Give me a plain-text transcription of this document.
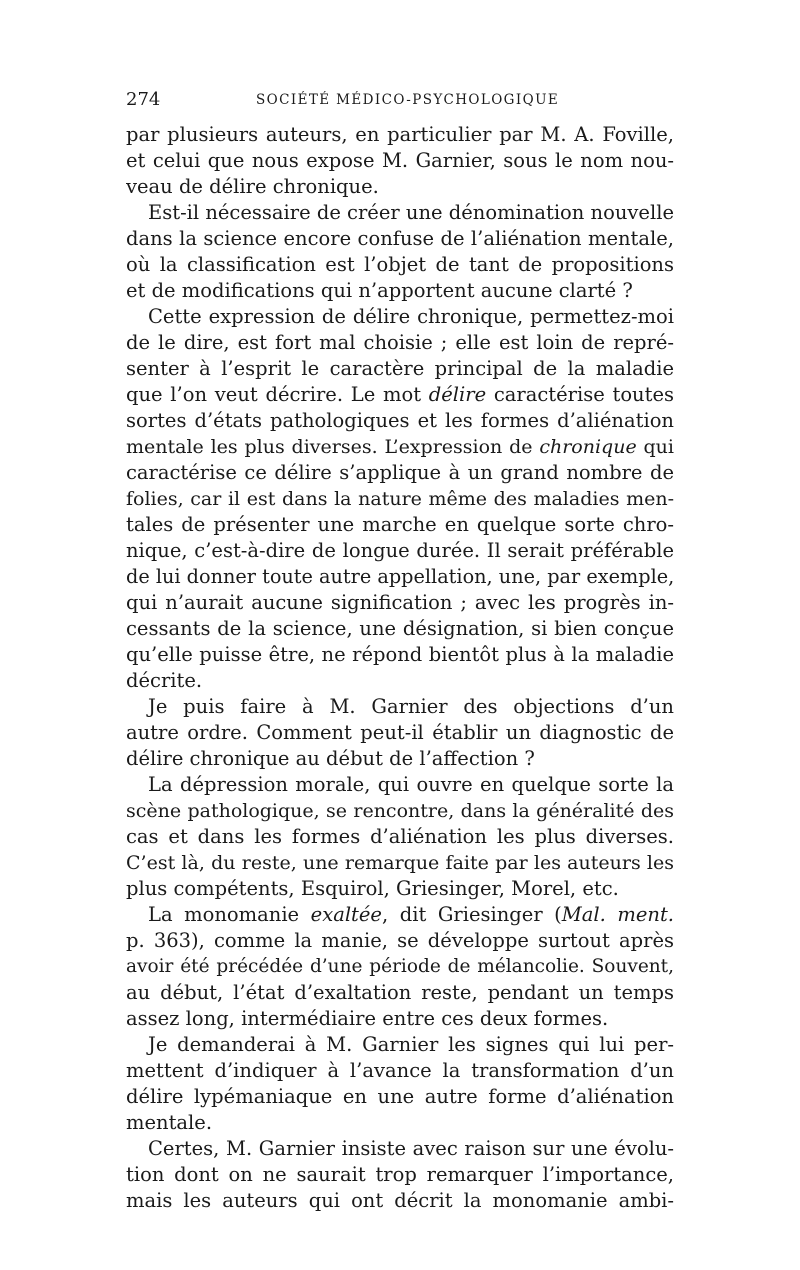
274	SOCIÉTÉ MÉDICO-PSYCHOLOGIQUE
par plusieurs auteurs, en particulier par M. A. Foville,
et celui que nous expose M. Garnier, sous le nom nou-
veau de délire chronique.
Est-il nécessaire de créer une dénomination nouvelle
dans la science encore confuse de l’aliénation mentale,
où la classification est l’objet de tant de propositions
et de modifications qui n’apportent aucune clarté ?
Cette expression de délire chronique, permettez-moi
de le dire, est fort mal choisie ; elle est loin de repré-
senter à l’esprit le caractère principal de la maladie
que l’on veut décrire. Le mot délire caractérise toutes
sortes d’états pathologiques et les formes d’aliénation
mentale les plus diverses. L’expression de chronique qui
caractérise ce délire s’applique à un grand nombre de
folies, car il est dans la nature même des maladies men-
tales de présenter une marche en quelque sorte chro-
nique, c’est-à-dire de longue durée. Il serait préférable
de lui donner toute autre appellation, une, par exemple,
qui n’aurait aucune signification ; avec les progrès in-
cessants de la science, une désignation, si bien conçue
qu’elle puisse être, ne répond bientôt plus à la maladie
décrite.
Je puis faire à M. Garnier des objections d’un
autre ordre. Comment peut-il établir un diagnostic de
délire chronique au début de l’affection ?
La dépression morale, qui ouvre en quelque sorte la
scène pathologique, se rencontre, dans la généralité des
cas et dans les formes d’aliénation les plus diverses.
C’est là, du reste, une remarque faite par les auteurs les
plus compétents, Esquirol, Griesinger, Morel, etc.
La monomanie exaltée, dit Griesinger (Mal. ment.
p. 363), comme la manie, se développe surtout après
avoir été précédée d’une période de mélancolie. Souvent,
au début, l’état d’exaltation reste, pendant un temps
assez long, intermédiaire entre ces deux formes.
Je demanderai à M. Garnier les signes qui lui per-
mettent d’indiquer à l’avance la transformation d’un
délire lypémaniaque en une autre forme d’aliénation
mentale.
Certes, M. Garnier insiste avec raison sur une évolu-
tion dont on ne saurait trop remarquer l’importance,
mais les auteurs qui ont décrit la monomanie ambi-
